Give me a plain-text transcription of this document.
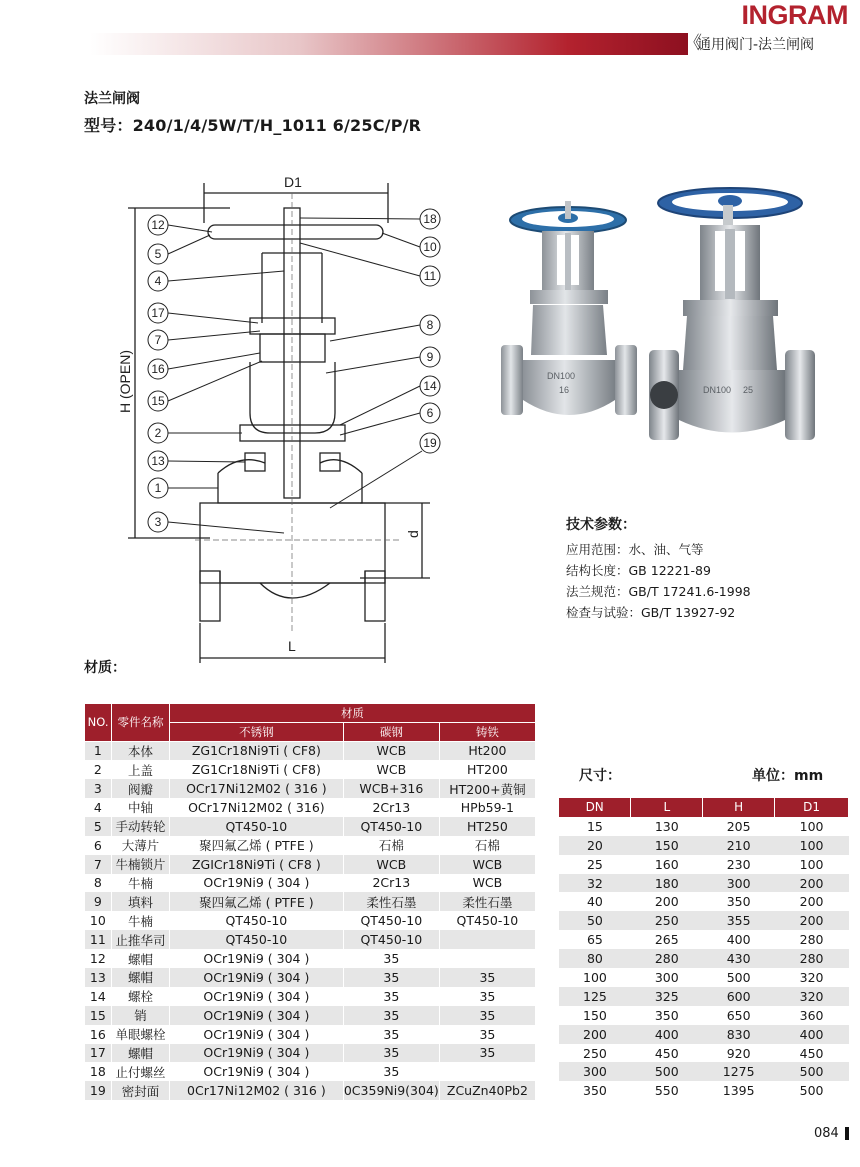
INGRAM
《
通用阀门-法兰闸阀
法兰闸阀
型号：240/1/4/5W/T/H_1011 6/25C/P/R
D1
H (OPEN)
d
L
12
5
4
17
7
16
15
2
13
1
3
18
10
11
8
9
14
6
19
DN100
16	DN100 25
技术参数：
应用范围：水、油、气等
结构长度：GB 12221-89
法兰规范：GB/T 17241.6-1998
检查与试验：GB/T 13927-92
材质：
NO.	零件名称	材质		
		不锈钢	碳钢	铸铁
1	本体	ZG1Cr18Ni9Ti ( CF8)	WCB	Ht200
2	上盖	ZG1Cr18Ni9Ti ( CF8)	WCB	HT200
3	阀瓣	OCr17Ni12M02 ( 316 )	WCB+316	HT200+黄铜
4	中轴	OCr17Ni12M02 ( 316)	2Cr13	HPb59-1
5	手动转轮	QT450-10	QT450-10	HT250
6	大薄片	聚四氟乙烯 ( PTFE )	石棉	石棉
7	牛楠锁片	ZGICr18Ni9Ti ( CF8 )	WCB	WCB
8	牛楠	OCr19Ni9 ( 304 )	2Cr13	WCB
9	填料	聚四氟乙烯 ( PTFE )	柔性石墨	柔性石墨
10	牛楠	QT450-10	QT450-10	QT450-10
11	止推华司	QT450-10	QT450-10	
12	螺帽	OCr19Ni9 ( 304 )	35	
13	螺帽	OCr19Ni9 ( 304 )	35	35
14	螺栓	OCr19Ni9 ( 304 )	35	35
15	销	OCr19Ni9 ( 304 )	35	35
16	单眼螺栓	OCr19Ni9 ( 304 )	35	35
17	螺帽	OCr19Ni9 ( 304 )	35	35
18	止付螺丝	OCr19Ni9 ( 304 )	35	
19	密封面	0Cr17Ni12M02 ( 316 )	0C359Ni9(304)	ZCuZn40Pb2
尺寸：	单位：mm
DN	L	H	D1
15	130	205	100
20	150	210	100
25	160	230	100
32	180	300	200
40	200	350	200
50	250	355	200
65	265	400	280
80	280	430	280
100	300	500	320
125	325	600	320
150	350	650	360
200	400	830	400
250	450	920	450
300	500	1275	500
350	550	1395	500
084
